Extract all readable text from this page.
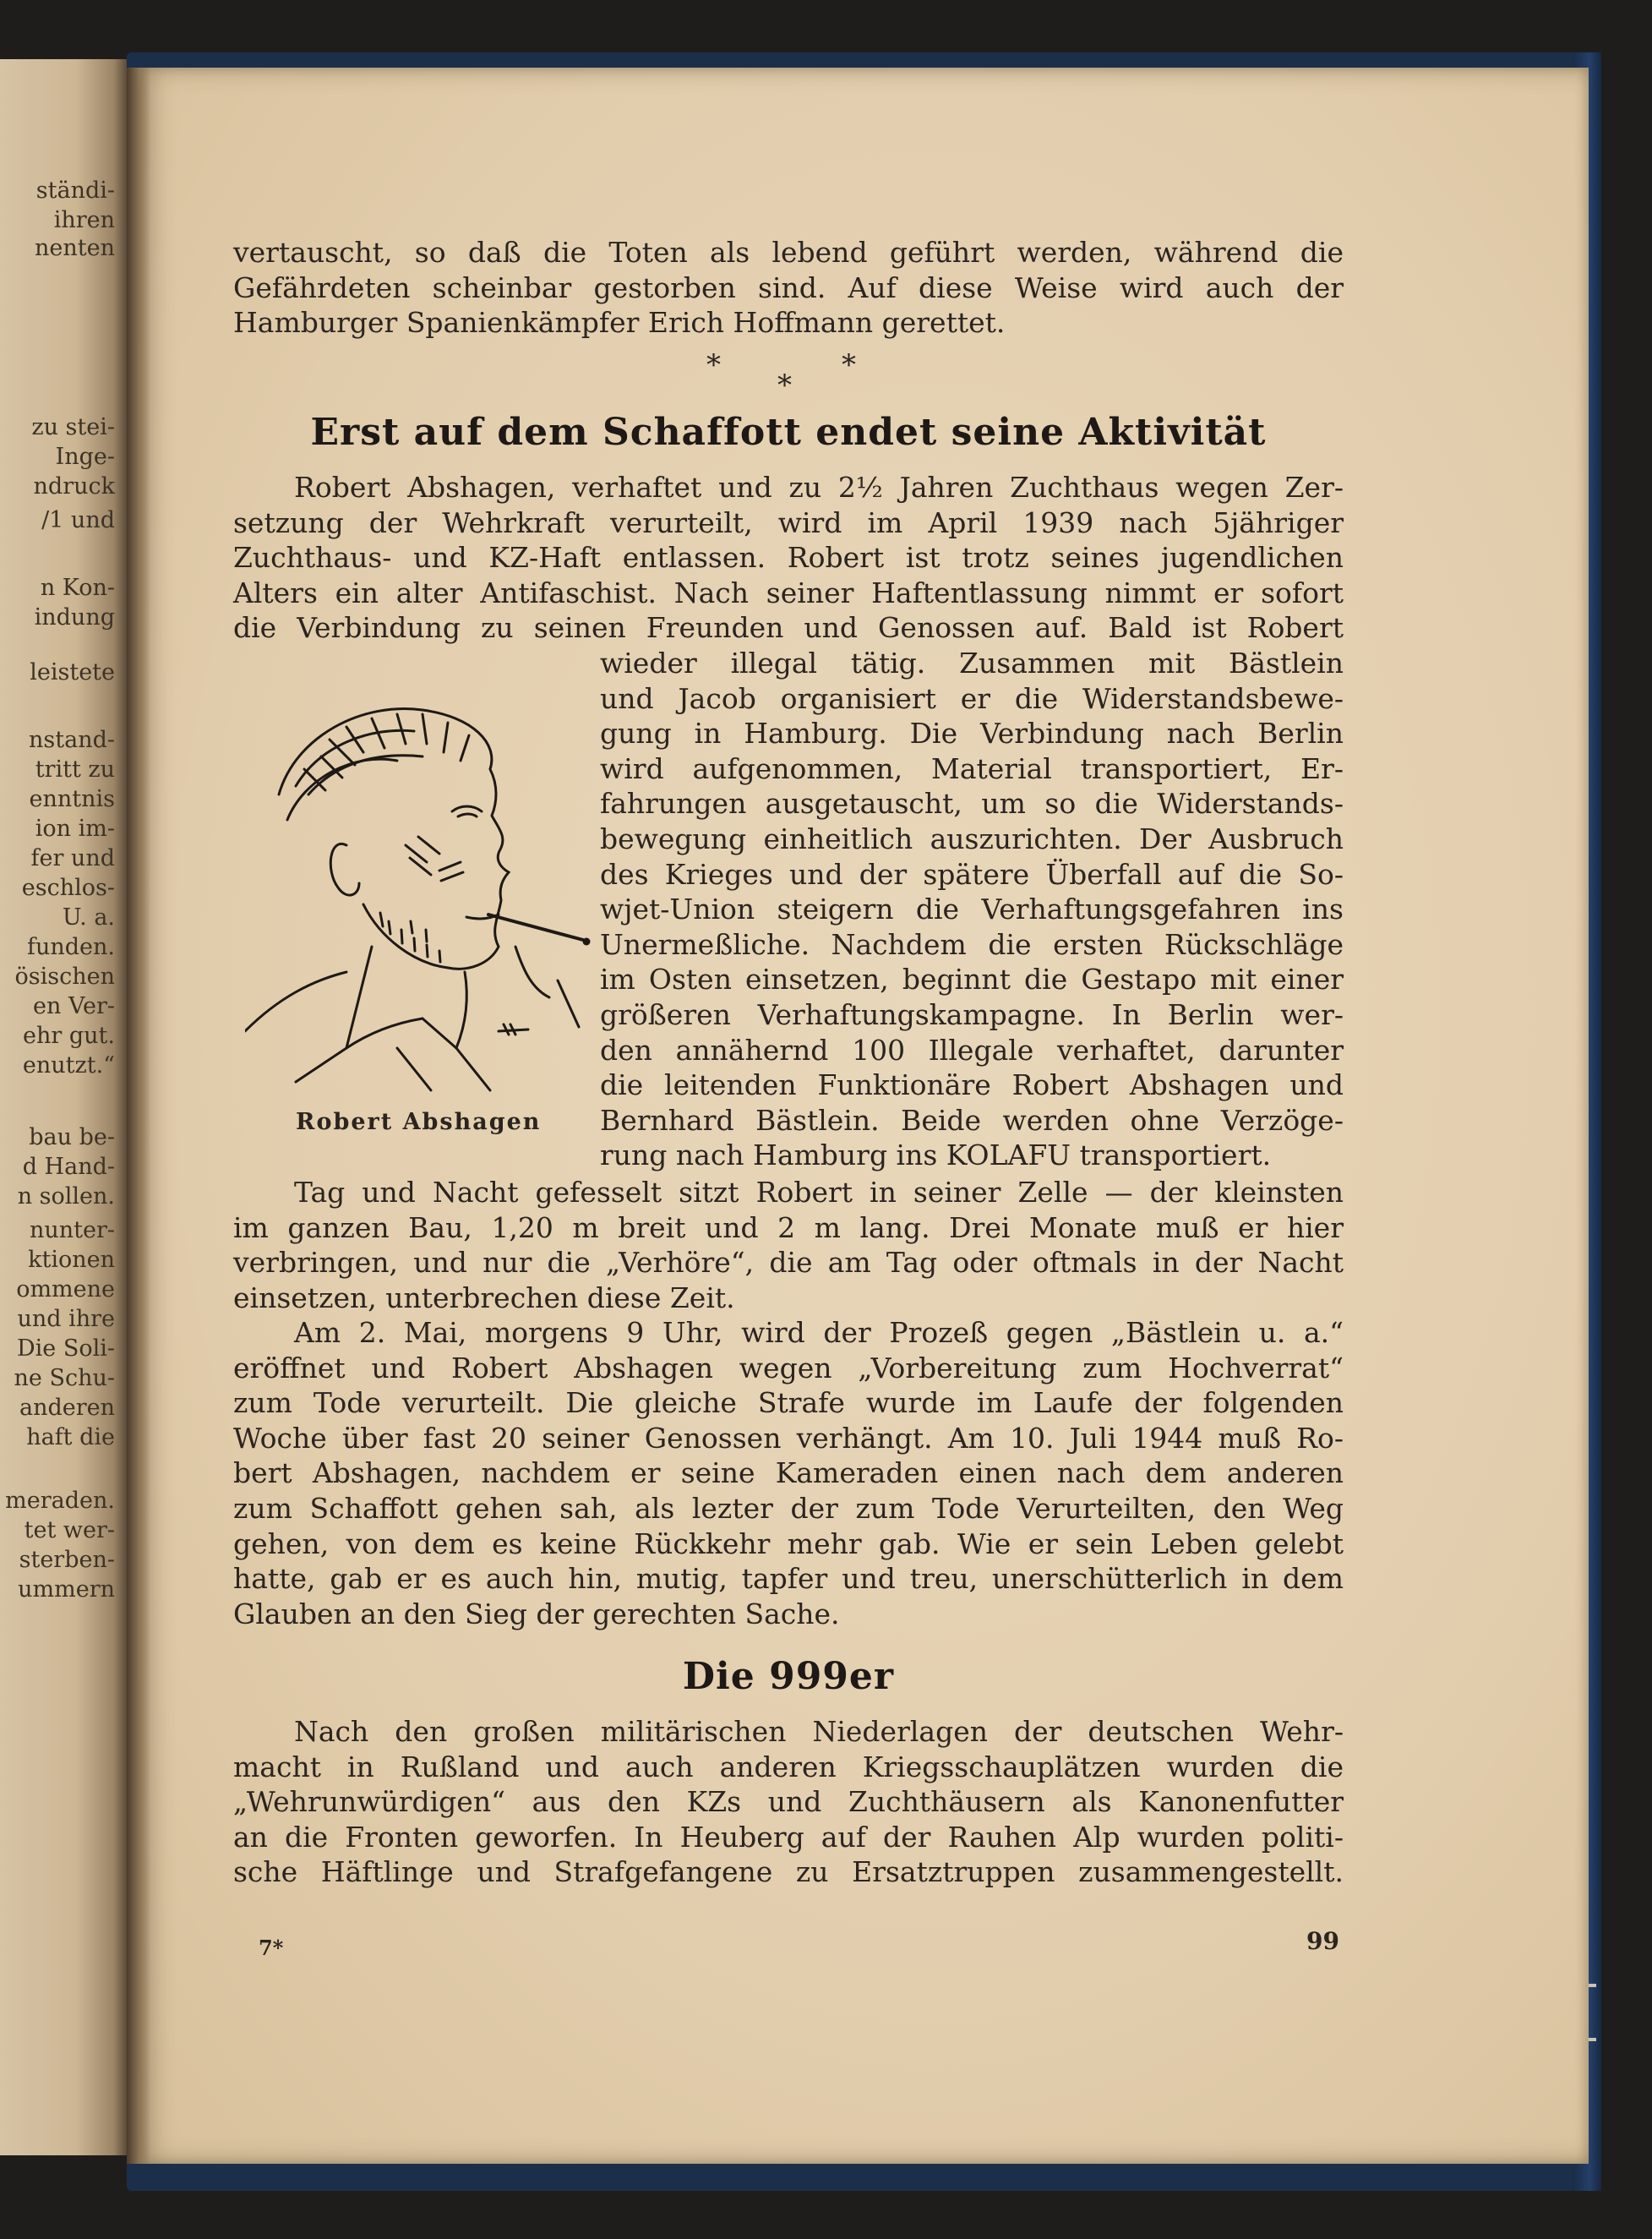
ständi-
ihren
nenten
zu stei-
Inge-
ndruck
/1 und
n Kon-
indung
leistete
nstand-
tritt zu
enntnis
ion im-
fer und
eschlos-
U. a.
funden.
ösischen
en Ver-
ehr gut.
enutzt.“
bau be-
d Hand-
n sollen.
nunter-
ktionen
ommene
und ihre
Die Soli-
ne Schu-
anderen
haft die
meraden.
tet wer-
sterben-
ummern
vertauscht, so daß die Toten als lebend geführt werden, während die
Gefährdeten scheinbar gestorben sind. Auf diese Weise wird auch der
Hamburger Spanienkämpfer Erich Hoffmann gerettet.
*
*
*
Erst auf dem Schaffott endet seine Aktivität
Robert Abshagen, verhaftet und zu 2½ Jahren Zuchthaus wegen Zer-
setzung der Wehrkraft verurteilt, wird im April 1939 nach 5jähriger
Zuchthaus- und KZ-Haft entlassen. Robert ist trotz seines jugendlichen
Alters ein alter Antifaschist. Nach seiner Haftentlassung nimmt er sofort
die Verbindung zu seinen Freunden und Genossen auf. Bald ist Robert
wieder illegal tätig. Zusammen mit Bästlein
und Jacob organisiert er die Widerstandsbewe-
gung in Hamburg. Die Verbindung nach Berlin
wird aufgenommen, Material transportiert, Er-
fahrungen ausgetauscht, um so die Widerstands-
bewegung einheitlich auszurichten. Der Ausbruch
des Krieges und der spätere Überfall auf die So-
wjet-Union steigern die Verhaftungsgefahren ins
Unermeßliche. Nachdem die ersten Rückschläge
im Osten einsetzen, beginnt die Gestapo mit einer
größeren Verhaftungskampagne. In Berlin wer-
den annähernd 100 Illegale verhaftet, darunter
die leitenden Funktionäre Robert Abshagen und
Bernhard Bästlein. Beide werden ohne Verzöge-
rung nach Hamburg ins KOLAFU transportiert.
Robert Abshagen
Tag und Nacht gefesselt sitzt Robert in seiner Zelle — der kleinsten
im ganzen Bau, 1,20 m breit und 2 m lang. Drei Monate muß er hier
verbringen, und nur die „Verhöre“, die am Tag oder oftmals in der Nacht
einsetzen, unterbrechen diese Zeit.
Am 2. Mai, morgens 9 Uhr, wird der Prozeß gegen „Bästlein u. a.“
eröffnet und Robert Abshagen wegen „Vorbereitung zum Hochverrat“
zum Tode verurteilt. Die gleiche Strafe wurde im Laufe der folgenden
Woche über fast 20 seiner Genossen verhängt. Am 10. Juli 1944 muß Ro-
bert Abshagen, nachdem er seine Kameraden einen nach dem anderen
zum Schaffott gehen sah, als lezter der zum Tode Verurteilten, den Weg
gehen, von dem es keine Rückkehr mehr gab. Wie er sein Leben gelebt
hatte, gab er es auch hin, mutig, tapfer und treu, unerschütterlich in dem
Glauben an den Sieg der gerechten Sache.
Die 999er
Nach den großen militärischen Niederlagen der deutschen Wehr-
macht in Rußland und auch anderen Kriegsschauplätzen wurden die
„Wehrunwürdigen“ aus den KZs und Zuchthäusern als Kanonenfutter
an die Fronten geworfen. In Heuberg auf der Rauhen Alp wurden politi-
sche Häftlinge und Strafgefangene zu Ersatztruppen zusammengestellt.
7*	99
